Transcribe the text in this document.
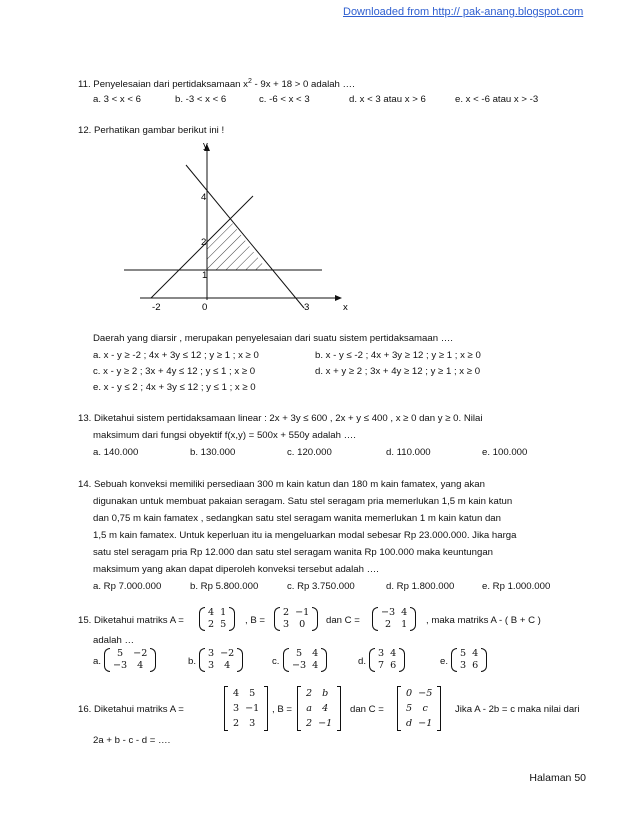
Downloaded from http:// pak-anang.blogspot.com
11. Penyelesaian dari pertidaksamaan $x^2 - 9x + 18 > 0$ adalah ….
a. 3 < x < 6	b. -3 < x < 6	c. -6 < x < 3	d. x < 3 atau x > 6	e. x < -6 atau x > -3
12. Perhatikan gambar berikut ini !
y
x
4
2
1
-2	0	3
Daerah yang diarsir , merupakan penyelesaian dari suatu sistem pertidaksamaan ….
a. x - y ≥ -2 ; 4x + 3y ≤ 12 ; y ≥ 1 ; x ≥ 0	b. x - y ≤ -2 ; 4x + 3y ≥ 12 ; y ≥ 1 ; x ≥ 0
c. x - y ≥ 2 ; 3x + 4y ≤ 12 ; y ≤ 1 ; x ≥ 0	d. x + y ≥ 2 ; 3x + 4y ≥ 12 ; y ≥ 1 ; x ≥ 0
e. x - y ≤ 2 ; 4x + 3y ≤ 12 ; y ≤ 1 ; x ≥ 0
13. Diketahui sistem pertidaksamaan linear : 2x + 3y ≤ 600 , 2x + y ≤ 400 , x ≥ 0 dan y ≥ 0. Nilai
maksimum dari fungsi obyektif f(x,y) = 500x + 550y adalah ….
a. 140.000	b. 130.000	c. 120.000	d. 110.000	e. 100.000
14. Sebuah konveksi memiliki persediaan 300 m kain katun dan 180 m kain famatex, yang akan
digunakan untuk membuat pakaian seragam. Satu stel seragam pria memerlukan 1,5 m kain katun
dan 0,75 m kain famatex , sedangkan satu stel seragam wanita memerlukan 1 m kain katun dan
1,5 m kain famatex. Untuk keperluan itu ia mengeluarkan modal sebesar Rp 23.000.000. Jika harga
satu stel seragam pria Rp 12.000 dan satu stel seragam wanita Rp 100.000 maka keuntungan
maksimum yang akan dapat diperoleh konveksi tersebut adalah ….
a. Rp 7.000.000	b. Rp 5.800.000	c. Rp 3.750.000	d. Rp 1.800.000	e. Rp 1.000.000
15. Diketahui matriks A =
4	1
2	5 , B =
2	−1
3	0 dan C =
−3	4
2	1 , maka matriks A - ( B + C )
adalah …
a.
5	−2
−3	4	b.
3	−2
3	4	c.
5	4
−3	4	d.
3	4
7	6	e.
5	4
3	6
16. Diketahui matriks A =
4	5
3	−1
2	3
, B =
2	b
a	4
2	−1
dan C =
0	−5
5	c
d	−1
Jika A - 2b = c maka nilai dari
2a + b - c - d = ….
Halaman 50
